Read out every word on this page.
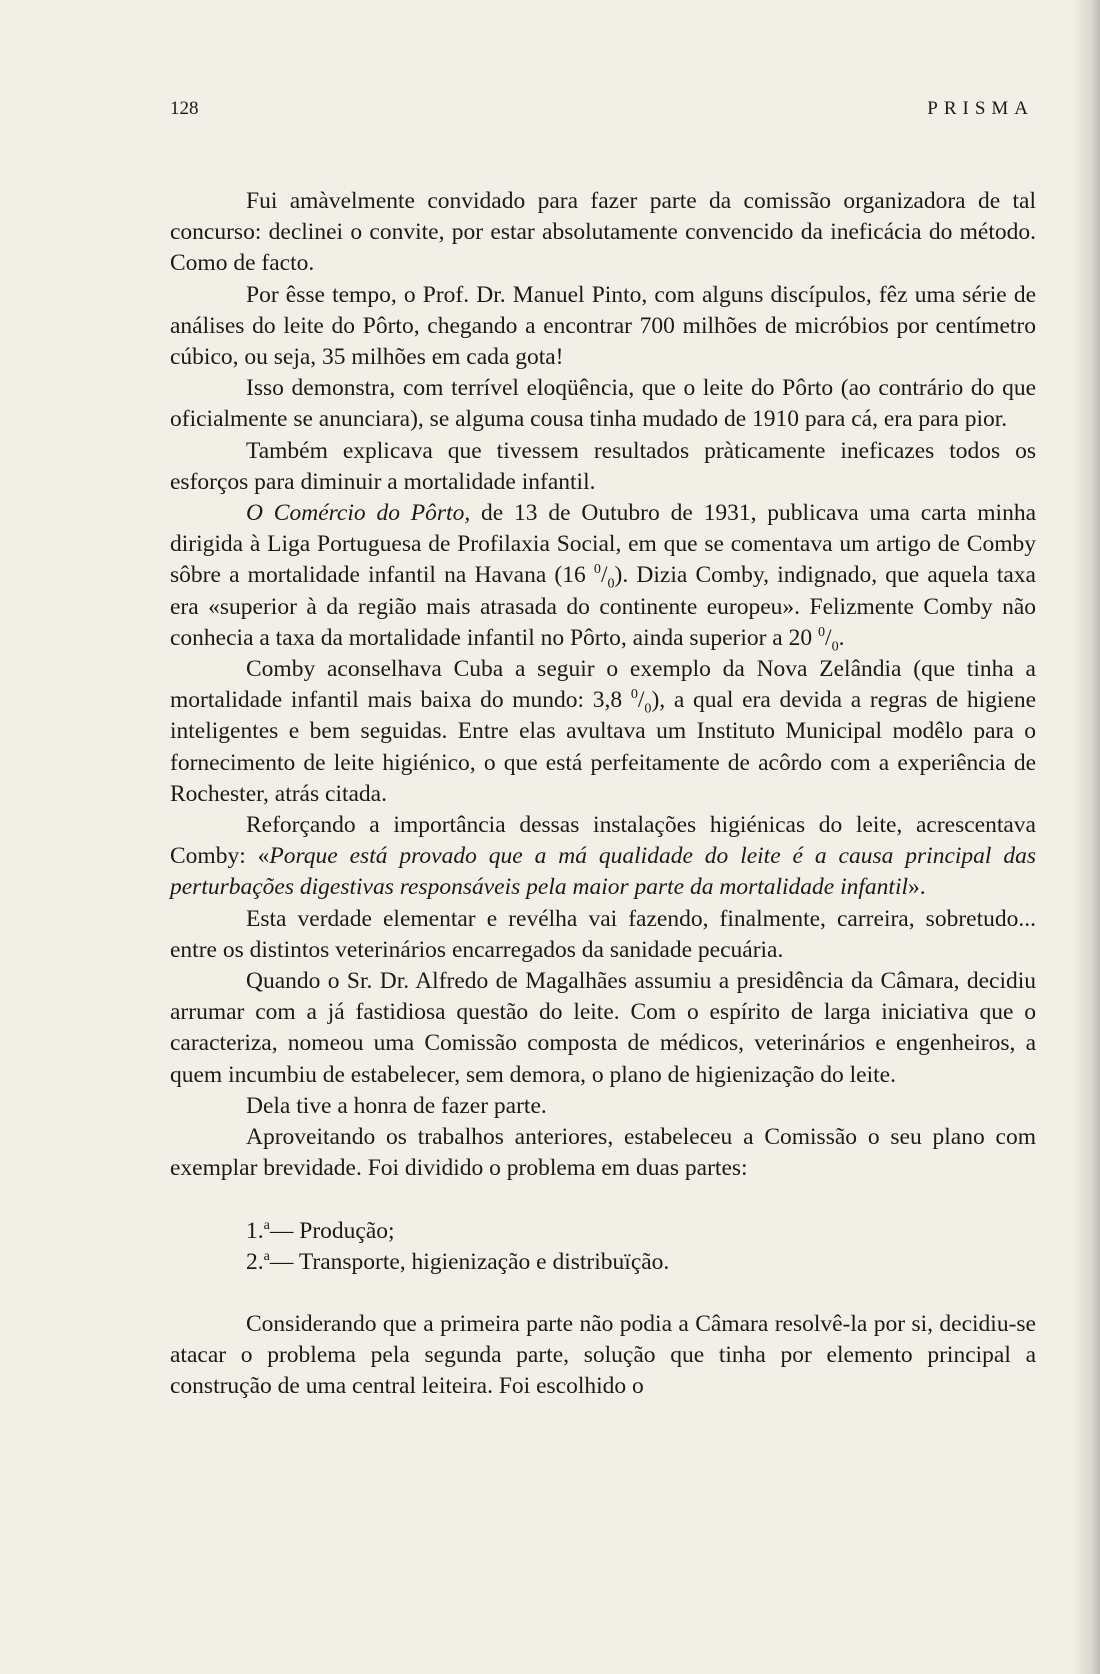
128	PRISMA

Fui amàvelmente convidado para fazer parte da comissão organizadora de tal concurso: declinei o convite, por estar absolutamente convencido da ineficácia do método. Como de facto.

Por êsse tempo, o Prof. Dr. Manuel Pinto, com alguns discípulos, fêz uma série de análises do leite do Pôrto, chegando a encontrar 700 milhões de micróbios por centímetro cúbico, ou seja, 35 milhões em cada gota!

Isso demonstra, com terrível eloqüência, que o leite do Pôrto (ao contrário do que oficialmente se anunciara), se alguma cousa tinha mudado de 1910 para cá, era para pior.

Também explicava que tivessem resultados pràticamente ineficazes todos os esforços para diminuir a mortalidade infantil.

O Comércio do Pôrto, de 13 de Outubro de 1931, publicava uma carta minha dirigida à Liga Portuguesa de Profilaxia Social, em que se comentava um artigo de Comby sôbre a mortalidade infantil na Havana (16 $^0/_0$). Dizia Comby, indignado, que aquela taxa era «superior à da região mais atrasada do continente europeu». Felizmente Comby não conhecia a taxa da mortalidade infantil no Pôrto, ainda superior a 20 $^0/_0$.

Comby aconselhava Cuba a seguir o exemplo da Nova Zelândia (que tinha a mortalidade infantil mais baixa do mundo: 3,8 $^0/_0$), a qual era devida a regras de higiene inteligentes e bem seguidas. Entre elas avultava um Instituto Municipal modêlo para o fornecimento de leite higiénico, o que está perfeitamente de acôrdo com a experiência de Rochester, atrás citada.

Reforçando a importância dessas instalações higiénicas do leite, acrescentava Comby: «Porque está provado que a má qualidade do leite é a causa principal das perturbações digestivas responsáveis pela maior parte da mortalidade infantil».

Esta verdade elementar e revélha vai fazendo, finalmente, carreira, sobretudo... entre os distintos veterinários encarregados da sanidade pecuária.

Quando o Sr. Dr. Alfredo de Magalhães assumiu a presidência da Câmara, decidiu arrumar com a já fastidiosa questão do leite. Com o espírito de larga iniciativa que o caracteriza, nomeou uma Comissão composta de médicos, veterinários e engenheiros, a quem incumbiu de estabelecer, sem demora, o plano de higienização do leite.

Dela tive a honra de fazer parte.

Aproveitando os trabalhos anteriores, estabeleceu a Comissão o seu plano com exemplar brevidade. Foi dividido o problema em duas partes:

1.$^a$— Produção;
2.$^a$— Transporte, higienização e distribuïção.

Considerando que a primeira parte não podia a Câmara resolvê-la por si, decidiu-se atacar o problema pela segunda parte, solução que tinha por elemento principal a construção de uma central leiteira. Foi escolhido o
